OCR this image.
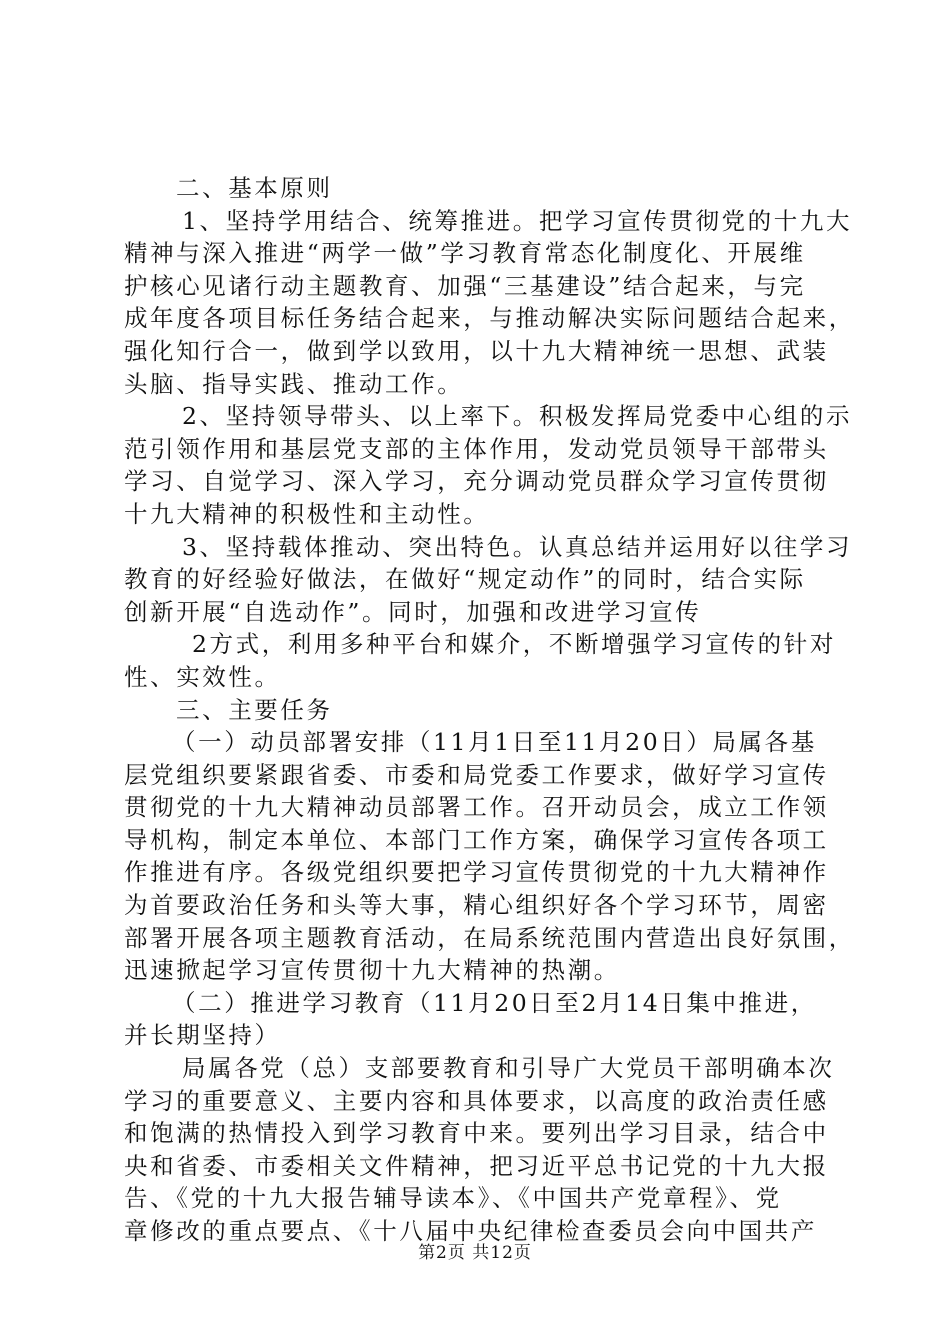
二、基本原则
1、坚持学用结合、统筹推进。把学习宣传贯彻党的十九大
精神与深入推进“两学一做”学习教育常态化制度化、开展维
护核心见诸行动主题教育、加强“三基建设”结合起来，与完
成年度各项目标任务结合起来，与推动解决实际问题结合起来，
强化知行合一，做到学以致用，以十九大精神统一思想、武装
头脑、指导实践、推动工作。
2、坚持领导带头、以上率下。积极发挥局党委中心组的示
范引领作用和基层党支部的主体作用，发动党员领导干部带头
学习、自觉学习、深入学习，充分调动党员群众学习宣传贯彻
十九大精神的积极性和主动性。
3、坚持载体推动、突出特色。认真总结并运用好以往学习
教育的好经验好做法，在做好“规定动作”的同时，结合实际
创新开展“自选动作”。同时，加强和改进学习宣传
2方式，利用多种平台和媒介，不断增强学习宣传的针对
性、实效性。
三、主要任务
（一）动员部署安排（11月1日至11月20日）局属各基
层党组织要紧跟省委、市委和局党委工作要求，做好学习宣传
贯彻党的十九大精神动员部署工作。召开动员会，成立工作领
导机构，制定本单位、本部门工作方案，确保学习宣传各项工
作推进有序。各级党组织要把学习宣传贯彻党的十九大精神作
为首要政治任务和头等大事，精心组织好各个学习环节，周密
部署开展各项主题教育活动，在局系统范围内营造出良好氛围，
迅速掀起学习宣传贯彻十九大精神的热潮。
（二）推进学习教育（11月20日至2月14日集中推进，
并长期坚持）
局属各党（总）支部要教育和引导广大党员干部明确本次
学习的重要意义、主要内容和具体要求，以高度的政治责任感
和饱满的热情投入到学习教育中来。要列出学习目录，结合中
央和省委、市委相关文件精神，把习近平总书记党的十九大报
告、《党的十九大报告辅导读本》、《中国共产党章程》、党
章修改的重点要点、《十八届中央纪律检查委员会向中国共产
第2页 共12页
